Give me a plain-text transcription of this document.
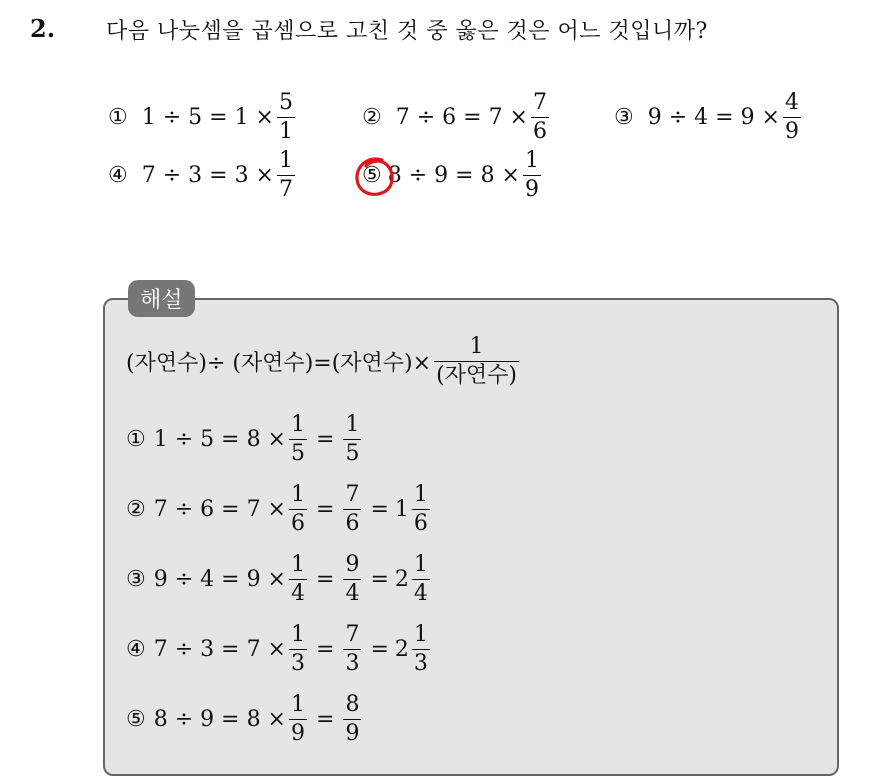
2. 다음 나눗셈을 곱셈으로 고친 것 중 옳은 것은 어느 것입니까?
① $1 \div 5 = 1 \times \frac{5}{1}$	② $7 \div 6 = 7 \times \frac{7}{6}$	③ $9 \div 4 = 9 \times \frac{4}{9}$
④ $7 \div 3 = 3 \times \frac{1}{7}$	⑤ $8 \div 9 = 8 \times \frac{1}{9}$
해설
(자연수)÷ (자연수)=(자연수)× $\frac{1}{\text{(자연수)}}$
① $1 \div 5 = 8 \times \frac{1}{5} = \frac{1}{5}$
② $7 \div 6 = 7 \times \frac{1}{6} = \frac{7}{6} = 1 \frac{1}{6}$
③ $9 \div 4 = 9 \times \frac{1}{4} = \frac{9}{4} = 2 \frac{1}{4}$
④ $7 \div 3 = 7 \times \frac{1}{3} = \frac{7}{3} = 2 \frac{1}{3}$
⑤ $8 \div 9 = 8 \times \frac{1}{9} = \frac{8}{9}$
